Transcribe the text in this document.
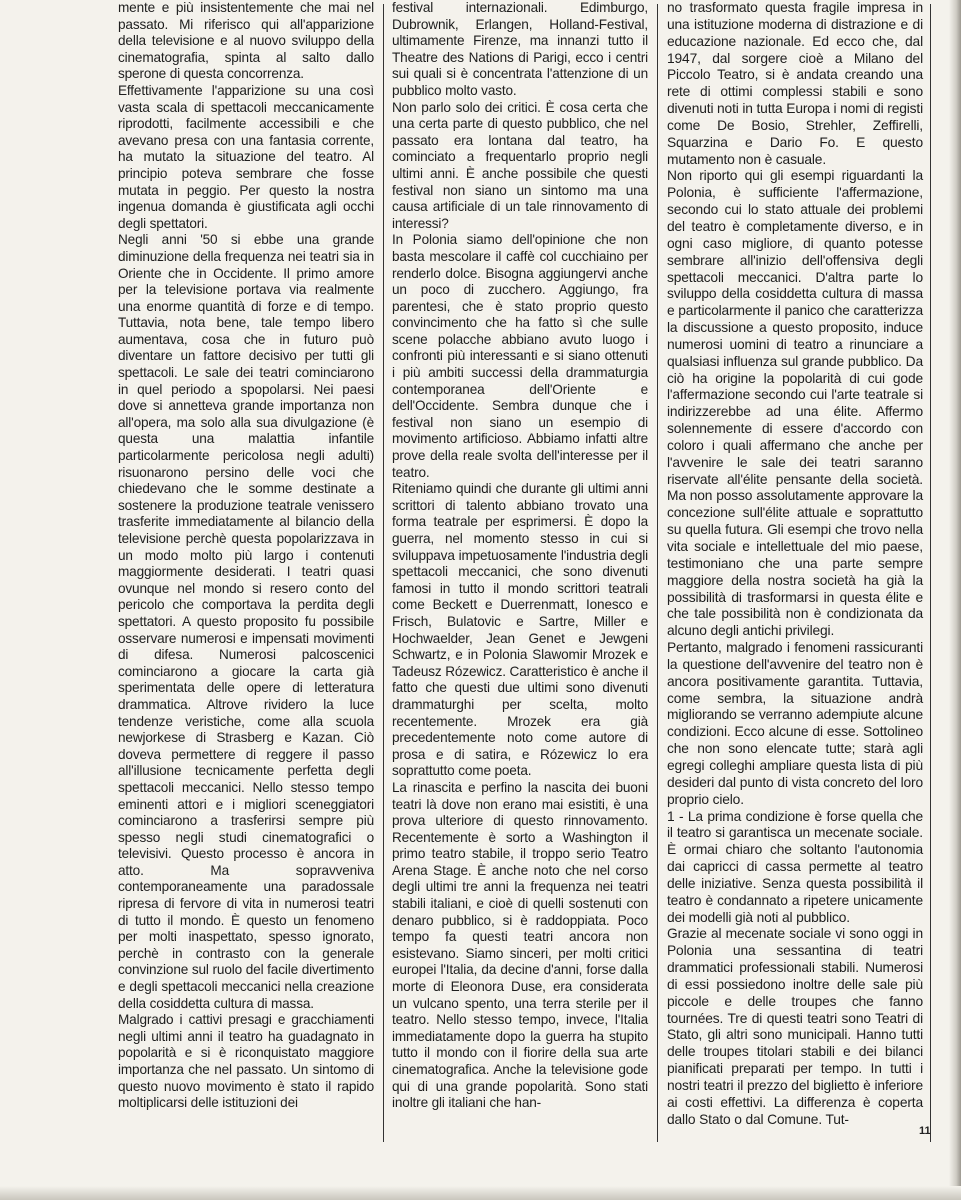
mente e più insistentemente che mai nel passato. Mi riferisco qui all'apparizione della televisione e al nuovo sviluppo della cinematografia, spinta al salto dallo sperone di questa concorrenza.

Effettivamente l'apparizione su una così vasta scala di spettacoli meccanicamente riprodotti, facilmente accessibili e che avevano presa con una fantasia corrente, ha mutato la situazione del teatro. Al principio poteva sembrare che fosse mutata in peggio. Per questo la nostra ingenua domanda è giustificata agli occhi degli spettatori.

Negli anni '50 si ebbe una grande diminuzione della frequenza nei teatri sia in Oriente che in Occidente. Il primo amore per la televisione portava via realmente una enorme quantità di forze e di tempo. Tuttavia, nota bene, tale tempo libero aumentava, cosa che in futuro può diventare un fattore decisivo per tutti gli spettacoli. Le sale dei teatri cominciarono in quel periodo a spopolarsi. Nei paesi dove si annetteva grande importanza non all'opera, ma solo alla sua divulgazione (è questa una malattia infantile particolarmente pericolosa negli adulti) risuonarono persino delle voci che chiedevano che le somme destinate a sostenere la produzione teatrale venissero trasferite immediatamente al bilancio della televisione perchè questa popolarizzava in un modo molto più largo i contenuti maggiormente desiderati. I teatri quasi ovunque nel mondo si resero conto del pericolo che comportava la perdita degli spettatori. A questo proposito fu possibile osservare numerosi e impensati movimenti di difesa. Numerosi palcoscenici cominciarono a giocare la carta già sperimentata delle opere di letteratura drammatica. Altrove rividero la luce tendenze veristiche, come alla scuola newjorkese di Strasberg e Kazan. Ciò doveva permettere di reggere il passo all'illusione tecnicamente perfetta degli spettacoli meccanici. Nello stesso tempo eminenti attori e i migliori sceneggiatori cominciarono a trasferirsi sempre più spesso negli studi cinematografici o televisivi. Questo processo è ancora in atto. Ma sopravveniva contemporaneamente una paradossale ripresa di fervore di vita in numerosi teatri di tutto il mondo. È questo un fenomeno per molti inaspettato, spesso ignorato, perchè in contrasto con la generale convinzione sul ruolo del facile divertimento e degli spettacoli meccanici nella creazione della cosiddetta cultura di massa.

Malgrado i cattivi presagi e gracchiamenti negli ultimi anni il teatro ha guadagnato in popolarità e si è riconquistato maggiore importanza che nel passato. Un sintomo di questo nuovo movimento è stato il rapido moltiplicarsi delle istituzioni dei

festival internazionali. Edimburgo, Dubrownik, Erlangen, Holland-Festival, ultimamente Firenze, ma innanzi tutto il Theatre des Nations di Parigi, ecco i centri sui quali si è concentrata l'attenzione di un pubblico molto vasto.

Non parlo solo dei critici. È cosa certa che una certa parte di questo pubblico, che nel passato era lontana dal teatro, ha cominciato a frequentarlo proprio negli ultimi anni. È anche possibile che questi festival non siano un sintomo ma una causa artificiale di un tale rinnovamento di interessi?

In Polonia siamo dell'opinione che non basta mescolare il caffè col cucchiaino per renderlo dolce. Bisogna aggiungervi anche un poco di zucchero. Aggiungo, fra parentesi, che è stato proprio questo convincimento che ha fatto sì che sulle scene polacche abbiano avuto luogo i confronti più interessanti e si siano ottenuti i più ambiti successi della drammaturgia contemporanea dell'Oriente e dell'Occidente. Sembra dunque che i festival non siano un esempio di movimento artificioso. Abbiamo infatti altre prove della reale svolta dell'interesse per il teatro.

Riteniamo quindi che durante gli ultimi anni scrittori di talento abbiano trovato una forma teatrale per esprimersi. È dopo la guerra, nel momento stesso in cui si sviluppava impetuosamente l'industria degli spettacoli meccanici, che sono divenuti famosi in tutto il mondo scrittori teatrali come Beckett e Duerrenmatt, Ionesco e Frisch, Bulatovic e Sartre, Miller e Hochwaelder, Jean Genet e Jewgeni Schwartz, e in Polonia Slawomir Mrozek e Tadeusz Rózewicz. Caratteristico è anche il fatto che questi due ultimi sono divenuti drammaturghi per scelta, molto recentemente. Mrozek era già precedentemente noto come autore di prosa e di satira, e Rózewicz lo era soprattutto come poeta.

La rinascita e perfino la nascita dei buoni teatri là dove non erano mai esistiti, è una prova ulteriore di questo rinnovamento. Recentemente è sorto a Washington il primo teatro stabile, il troppo serio Teatro Arena Stage. È anche noto che nel corso degli ultimi tre anni la frequenza nei teatri stabili italiani, e cioè di quelli sostenuti con denaro pubblico, si è raddoppiata. Poco tempo fa questi teatri ancora non esistevano. Siamo sinceri, per molti critici europei l'Italia, da decine d'anni, forse dalla morte di Eleonora Duse, era considerata un vulcano spento, una terra sterile per il teatro. Nello stesso tempo, invece, l'Italia immediatamente dopo la guerra ha stupito tutto il mondo con il fiorire della sua arte cinematografica. Anche la televisione gode qui di una grande popolarità. Sono stati inoltre gli italiani che han-

no trasformato questa fragile impresa in una istituzione moderna di distrazione e di educazione nazionale. Ed ecco che, dal 1947, dal sorgere cioè a Milano del Piccolo Teatro, si è andata creando una rete di ottimi complessi stabili e sono divenuti noti in tutta Europa i nomi di registi come De Bosio, Strehler, Zeffirelli, Squarzina e Dario Fo. E questo mutamento non è casuale.

Non riporto qui gli esempi riguardanti la Polonia, è sufficiente l'affermazione, secondo cui lo stato attuale dei problemi del teatro è completamente diverso, e in ogni caso migliore, di quanto potesse sembrare all'inizio dell'offensiva degli spettacoli meccanici. D'altra parte lo sviluppo della cosiddetta cultura di massa e particolarmente il panico che caratterizza la discussione a questo proposito, induce numerosi uomini di teatro a rinunciare a qualsiasi influenza sul grande pubblico. Da ciò ha origine la popolarità di cui gode l'affermazione secondo cui l'arte teatrale si indirizzerebbe ad una élite. Affermo solennemente di essere d'accordo con coloro i quali affermano che anche per l'avvenire le sale dei teatri saranno riservate all'élite pensante della società. Ma non posso assolutamente approvare la concezione sull'élite attuale e soprattutto su quella futura. Gli esempi che trovo nella vita sociale e intellettuale del mio paese, testimoniano che una parte sempre maggiore della nostra società ha già la possibilità di trasformarsi in questa élite e che tale possibilità non è condizionata da alcuno degli antichi privilegi.

Pertanto, malgrado i fenomeni rassicuranti la questione dell'avvenire del teatro non è ancora positivamente garantita. Tuttavia, come sembra, la situazione andrà migliorando se verranno adempiute alcune condizioni. Ecco alcune di esse. Sottolineo che non sono elencate tutte; starà agli egregi colleghi ampliare questa lista di più desideri dal punto di vista concreto del loro proprio cielo.

1 - La prima condizione è forse quella che il teatro si garantisca un mecenate sociale. È ormai chiaro che soltanto l'autonomia dai capricci di cassa permette al teatro delle iniziative. Senza questa possibilità il teatro è condannato a ripetere unicamente dei modelli già noti al pubblico.

Grazie al mecenate sociale vi sono oggi in Polonia una sessantina di teatri drammatici professionali stabili. Numerosi di essi possiedono inoltre delle sale più piccole e delle troupes che fanno tournées. Tre di questi teatri sono Teatri di Stato, gli altri sono municipali. Hanno tutti delle troupes titolari stabili e dei bilanci pianificati preparati per tempo. In tutti i nostri teatri il prezzo del biglietto è inferiore ai costi effettivi. La differenza è coperta dallo Stato o dal Comune. Tut-

11
